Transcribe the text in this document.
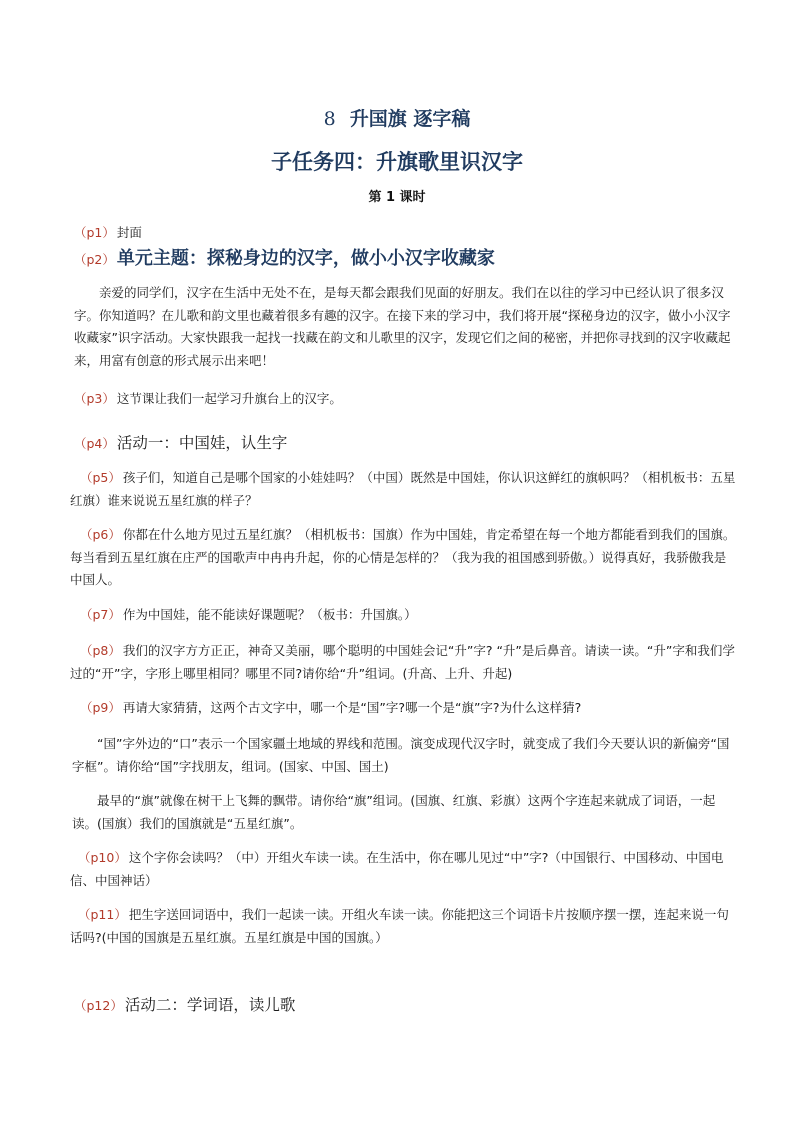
8 升国旗 逐字稿
子任务四：升旗歌里识汉字
第 1 课时
（p1） 封面
（p2） 单元主题：探秘身边的汉字，做小小汉字收藏家
亲爱的同学们，汉字在生活中无处不在，是每天都会跟我们见面的好朋友。我们在以往的学习中已经认识了很多汉字。你知道吗？在儿歌和韵文里也藏着很多有趣的汉字。在接下来的学习中，我们将开展“探秘身边的汉字，做小小汉字收藏家”识字活动。大家快跟我一起找一找藏在韵文和儿歌里的汉字，发现它们之间的秘密，并把你寻找到的汉字收藏起来，用富有创意的形式展示出来吧！
（p3） 这节课让我们一起学习升旗台上的汉字。
（p4） 活动一：中国娃，认生字
（p5） 孩子们，知道自己是哪个国家的小娃娃吗？（中国）既然是中国娃，你认识这鲜红的旗帜吗？（相机板书：五星红旗）谁来说说五星红旗的样子？
（p6） 你都在什么地方见过五星红旗？（相机板书：国旗）作为中国娃，肯定希望在每一个地方都能看到我们的国旗。每当看到五星红旗在庄严的国歌声中冉冉升起，你的心情是怎样的？（我为我的祖国感到骄傲。）说得真好，我骄傲我是中国人。
（p7） 作为中国娃，能不能读好课题呢？（板书：升国旗。）
（p8） 我们的汉字方方正正，神奇又美丽，哪个聪明的中国娃会记“升”字? “升”是后鼻音。请读一读。“升”字和我们学过的“开”字，字形上哪里相同？哪里不同?请你给“升”组词。(升高、上升、升起)
（p9） 再请大家猜猜，这两个古文字中，哪一个是“国”字?哪一个是“旗”字?为什么这样猜?
“国”字外边的“口”表示一个国家疆土地域的界线和范围。演变成现代汉字时，就变成了我们今天要认识的新偏旁“国字框”。请你给“国”字找朋友，组词。(国家、中国、国土)
最早的“旗”就像在树干上飞舞的飘带。请你给“旗”组词。(国旗、红旗、彩旗）这两个字连起来就成了词语，一起读。(国旗）我们的国旗就是“五星红旗”。
（p10） 这个字你会读吗？（中）开组火车读一读。在生活中，你在哪儿见过“中”字?（中国银行、中国移动、中国电信、中国神话）
（p11） 把生字送回词语中，我们一起读一读。开组火车读一读。你能把这三个词语卡片按顺序摆一摆，连起来说一句话吗?(中国的国旗是五星红旗。五星红旗是中国的国旗。）
（p12） 活动二：学词语，读儿歌
